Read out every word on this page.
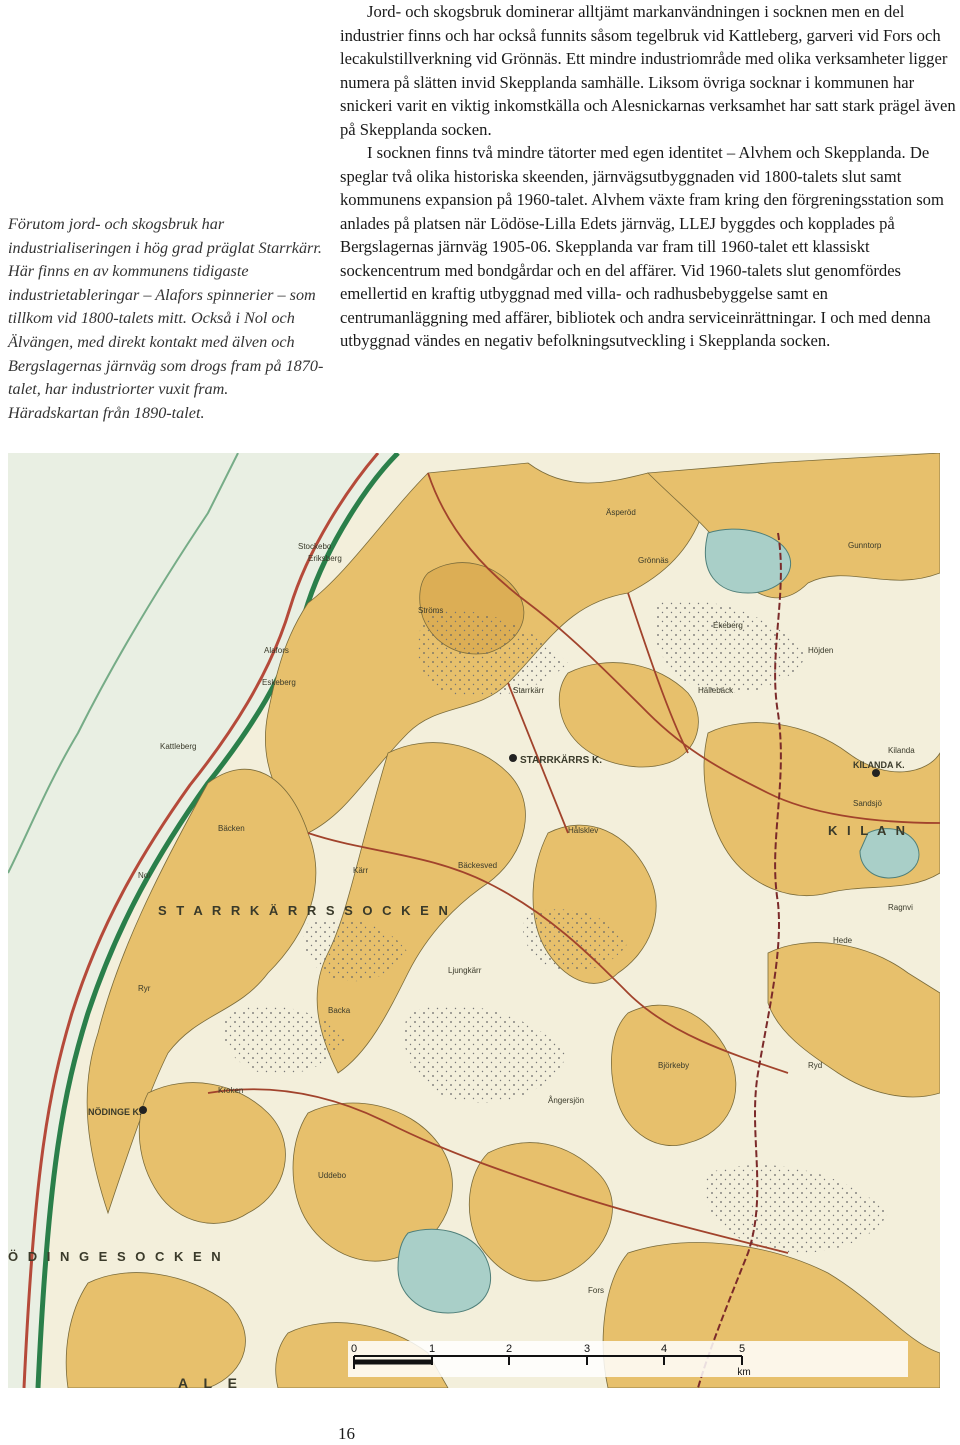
Förutom jord- och skogsbruk har industrialiseringen i hög grad präglat Starrkärr. Här finns en av kommunens tidigaste industrietableringar – Alafors spinnerier – som tillkom vid 1800-talets mitt. Också i Nol och Älvängen, med direkt kontakt med älven och Bergslagernas järnväg som drogs fram på 1870-talet, har industriorter vuxit fram.
Häradskartan från 1890-talet.

Jord- och skogsbruk dominerar alltjämt markanvändningen i socknen men en del industrier finns och har också funnits såsom tegelbruk vid Kattleberg, garveri vid Fors och lecakulstillverkning vid Grönnäs. Ett mindre industriområde med olika verksamheter ligger numera på slätten invid Skepplanda samhälle. Liksom övriga socknar i kommunen har snickeri varit en viktig inkomstkälla och Alesnickarnas verksamhet har satt stark prägel även på Skepplanda socken.

I socknen finns två mindre tätorter med egen identitet – Alvhem och Skepplanda. De speglar två olika historiska skeenden, järnvägsutbyggnaden vid 1800-talets slut samt kommunens expansion på 1960-talet. Alvhem växte fram kring den förgreningsstation som anlades på platsen när Lödöse-Lilla Edets järnväg, LLEJ byggdes och kopplades på Bergslagernas järnväg 1905-06. Skepplanda var fram till 1960-talet ett klassiskt sockencentrum med bondgårdar och en del affärer. Vid 1960-talets slut genomfördes emellertid en kraftig utbyggnad med villa- och radhusbebyggelse samt en centrumanläggning med affärer, bibliotek och andra serviceinrättningar. I och med denna utbyggnad vändes en negativ befolkningsutveckling i Skepplanda socken.

S T A R R K Ä R R S S O C K E N
Ö D I N G E S O C K E N
K I L A N
A L E
STARRKÄRRS K.
NÖDINGE K.
KILANDA K.
Stockebo
Eriksberg
Alafors
Eskeberg
Kattleberg
Bäcken
Starrkärr
Hålsklev
Hede
Ryd
Kroken
Gunntorp
Ekeberg
Sandsjö
Höjden
Äsperöd
Hällebäck
Kilanda
Ragnvi
Nol
Ryr
Backa
Ljungkärr
Ströms
Bäckesved
Ångersjön
Grönnäs
Björkeby
Uddebo
Fors
Kärr
0	1	2	3	4	5
km
16
